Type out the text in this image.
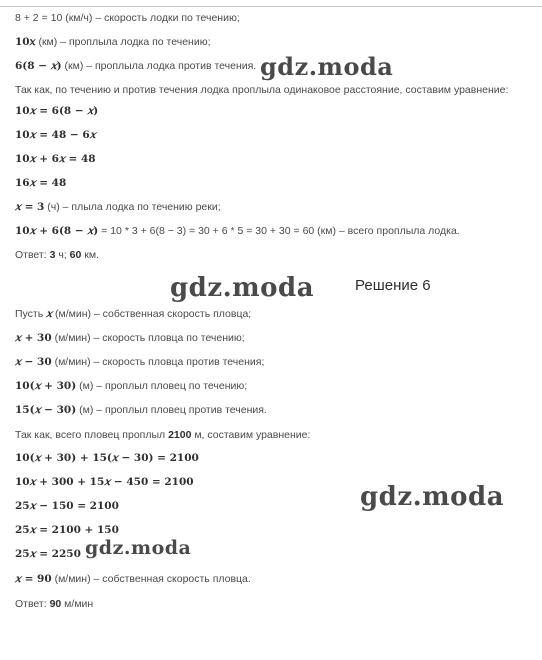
8 + 2 = 10 (км/ч) – скорость лодки по течению;
10𝑥 (км) – проплыла лодка по течению;
6(8 − 𝑥) (км) – проплыла лодка против течения.
Так как, по течению и против течения лодка проплыла одинаковое расстояние, составим уравнение:
10𝑥 = 6(8 − 𝑥)
10𝑥 = 48 − 6𝑥
10𝑥 + 6𝑥 = 48
16𝑥 = 48
𝑥 = 3 (ч) – плыла лодка по течению реки;
10𝑥 + 6(8 − 𝑥) = 10 * 3 + 6(8 − 3) = 30 + 6 * 5 = 30 + 30 = 60 (км) – всего проплыла лодка.
Ответ: 3 ч; 60 км.
Решение 6
Пусть 𝑥 (м/мин) – собственная скорость пловца;
𝑥 + 30 (м/мин) – скорость пловца по течению;
𝑥 − 30 (м/мин) – скорость пловца против течения;
10(𝑥 + 30) (м) – проплыл пловец по течению;
15(𝑥 − 30) (м) – проплыл пловец против течения.
Так как, всего пловец проплыл 2100 м, составим уравнение:
10(𝑥 + 30) + 15(𝑥 − 30) = 2100
10𝑥 + 300 + 15𝑥 − 450 = 2100
25𝑥 − 150 = 2100
25𝑥 = 2100 + 150
25𝑥 = 2250
𝑥 = 90 (м/мин) – собственная скорость пловца.
Ответ: 90 м/мин
gdz.moda
gdz.moda
gdz.moda
gdz.moda
